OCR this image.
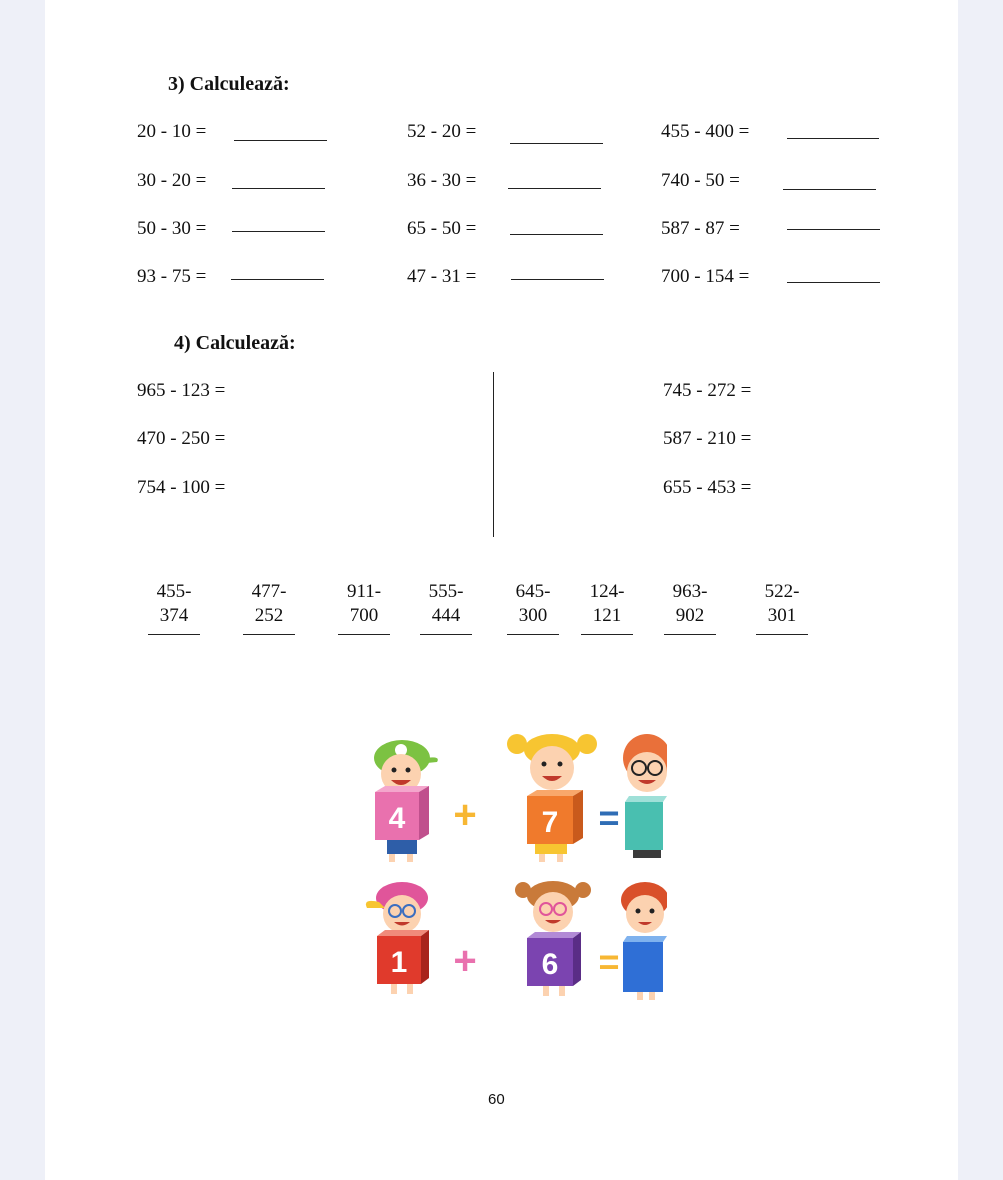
3) Calculează:
20 - 10 =	52 - 20 =	455 - 400 =
30 - 20 =	36 - 30 =	740 - 50 =
50 - 30 =	65 - 50 =	587 - 87 =
93 - 75 =	47 - 31 =	700 - 154 =
4) Calculează:
965 - 123 =
470 - 250 =
754 - 100 =
745 - 272 =
587 - 210 =
655 - 453 =
455-
374
477-
252
911-
700
555-
444
645-
300
124-
121
963-
902
522-
301
4 + 7 =
1 + 6 =
60
